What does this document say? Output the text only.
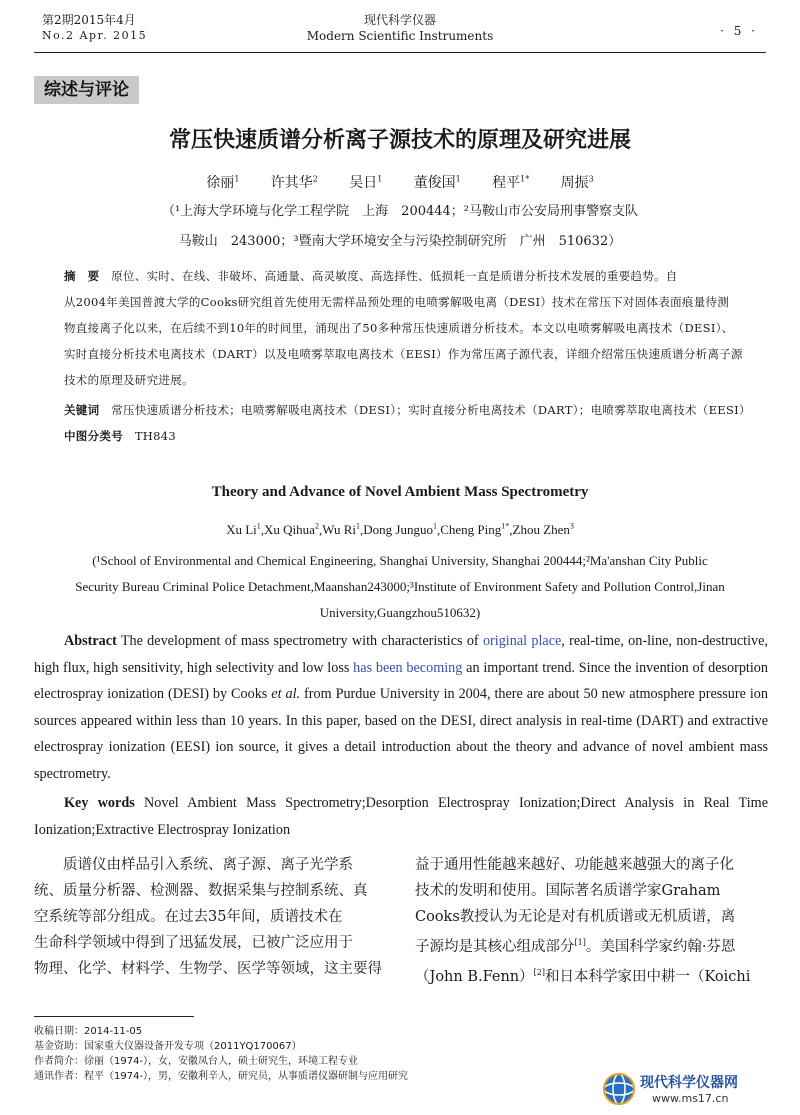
第2期2015年4月
No.2 Apr. 2015
现代科学仪器
Modern Scientific Instruments	· 5 ·
综述与评论
常压快速质谱分析离子源技术的原理及研究进展
徐丽$^1$ 许其华$^2$ 吴日$^1$ 董俊国$^1$ 程平$^{1*}$ 周振$^3$
（¹上海大学环境与化学工程学院　上海　200444；²马鞍山市公安局刑事警察支队
马鞍山　243000；³暨南大学环境安全与污染控制研究所　广州　510632）
摘　要　 原位、实时、在线、非破坏、高通量、高灵敏度、高选择性、低损耗一直是质谱分析技术发展的重要趋势。自
从2004年美国普渡大学的Cooks研究组首先使用无需样品预处理的电喷雾解吸电离（DESI）技术在常压下对固体表面痕量待测
物直接离子化以来，在后续不到10年的时间里，涌现出了50多种常压快速质谱分析技术。本文以电喷雾解吸电离技术（DESI）、
实时直接分析技术电离技术（DART）以及电喷雾萃取电离技术（EESI）作为常压离子源代表，详细介绍常压快速质谱分析离子源
技术的原理及研究进展。
关键词　 常压快速质谱分析技术；电喷雾解吸电离技术（DESI）；实时直接分析电离技术（DART）；电喷雾萃取电离技术（EESI）
中图分类号　 TH843
Theory and Advance of Novel Ambient Mass Spectrometry
Xu Li$^1$,Xu Qihua$^2$,Wu Ri$^1$,Dong Junguo$^1$,Cheng Ping$^{1*}$,Zhou Zhen$^3$
(¹School of Environmental and Chemical Engineering, Shanghai University, Shanghai 200444;²Ma'anshan City Public
Security Bureau Criminal Police Detachment,Maanshan243000;³Institute of Environment Safety and Pollution Control,Jinan
University,Guangzhou510632)
Abstract The development of mass spectrometry with characteristics of original place, real-time, on-line, non-destructive, high flux, high sensitivity, high selectivity and low loss has been becoming an important trend. Since the invention of desorption electrospray ionization (DESI) by Cooks et al. from Purdue University in 2004, there are about 50 new atmosphere pressure ion sources appeared within less than 10 years. In this paper, based on the DESI, direct analysis in real-time (DART) and extractive electrospray ionization (EESI) ion source, it gives a detail introduction about the theory and advance of novel ambient mass spectrometry.
Key words Novel Ambient Mass Spectrometry;Desorption Electrospray Ionization;Direct Analysis in Real Time Ionization;Extractive Electrospray Ionization
　　质谱仪由样品引入系统、离子源、离子光学系
统、质量分析器、检测器、数据采集与控制系统、真
空系统等部分组成。在过去35年间，质谱技术在
生命科学领域中得到了迅猛发展，已被广泛应用于
物理、化学、材料学、生物学、医学等领域，这主要得
益于通用性能越来越好、功能越来越强大的离子化
技术的发明和使用。国际著名质谱学家Graham
Cooks教授认为无论是对有机质谱或无机质谱，离
子源均是其核心组成部分[1]。美国科学家约翰·芬恩
（John B.Fenn）[2]和日本科学家田中耕一（Koichi
收稿日期：2014-11-05
基金资助：国家重大仪器设备开发专项（2011YQ170067）
作者简介：徐丽（1974-），女，安徽凤台人，硕士研究生，环境工程专业
通讯作者：程平（1974-），男，安徽利辛人，研究员，从事质谱仪器研制与应用研究	现代科学仪器网
www.ms17.cn
